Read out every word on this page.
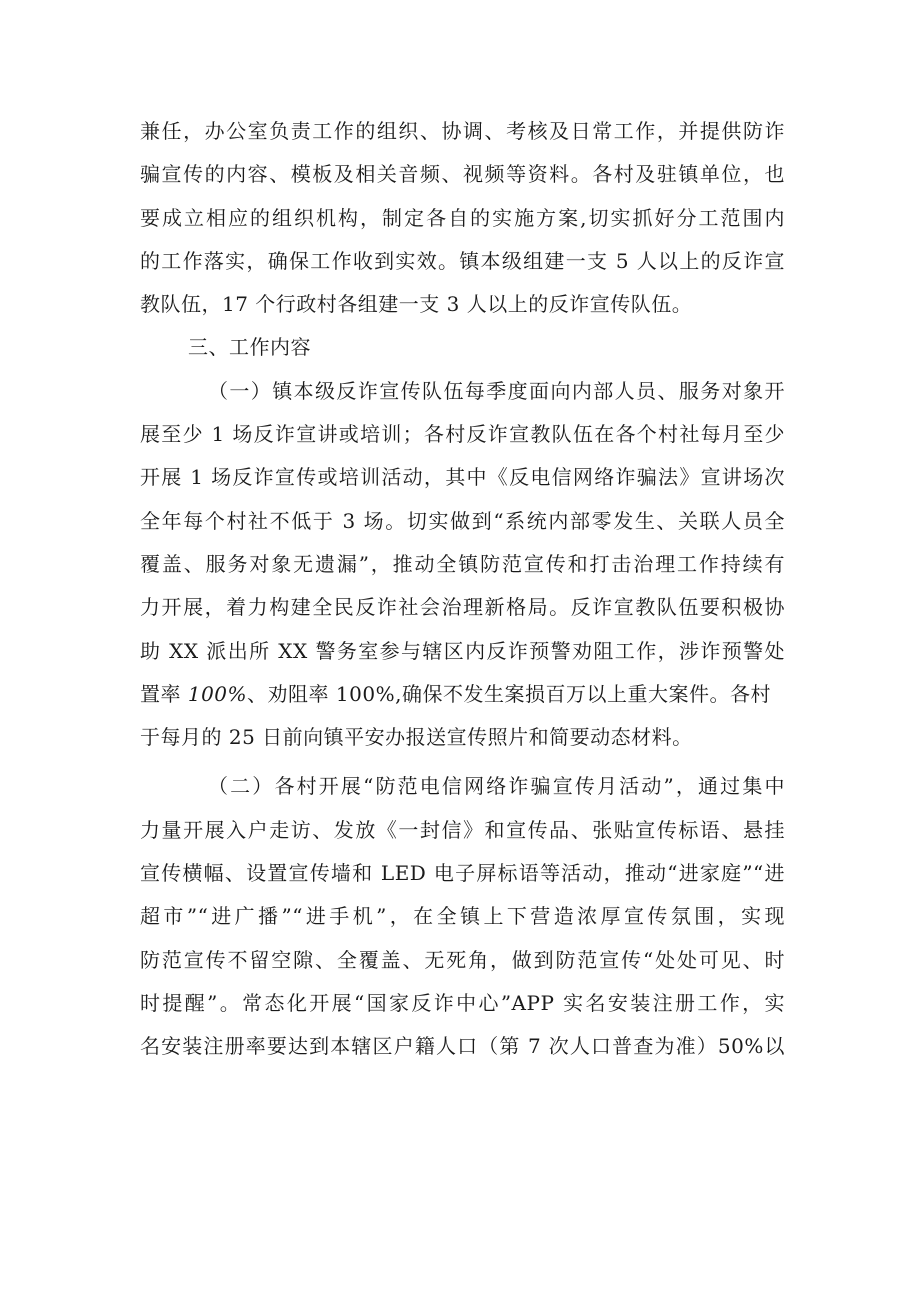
兼任，办公室负责工作的组织、协调、考核及日常工作，并提供防诈
骗宣传的内容、模板及相关音频、视频等资料。各村及驻镇单位，也
要成立相应的组织机构，制定各自的实施方案,切实抓好分工范围内
的工作落实，确保工作收到实效。镇本级组建一支 5 人以上的反诈宣
教队伍，17 个行政村各组建一支 3 人以上的反诈宣传队伍。
三、工作内容
（一）镇本级反诈宣传队伍每季度面向内部人员、服务对象开
展至少 1 场反诈宣讲或培训；各村反诈宣教队伍在各个村社每月至少
开展 1 场反诈宣传或培训活动，其中《反电信网络诈骗法》宣讲场次
全年每个村社不低于 3 场。切实做到“系统内部零发生、关联人员全
覆盖、服务对象无遗漏”，推动全镇防范宣传和打击治理工作持续有
力开展，着力构建全民反诈社会治理新格局。反诈宣教队伍要积极协
助 XX 派出所 XX 警务室参与辖区内反诈预警劝阻工作，涉诈预警处
置率 100%、劝阻率 100%,确保不发生案损百万以上重大案件。各村
于每月的 25 日前向镇平安办报送宣传照片和简要动态材料。
（二）各村开展“防范电信网络诈骗宣传月活动”，通过集中
力量开展入户走访、发放《一封信》和宣传品、张贴宣传标语、悬挂
宣传横幅、设置宣传墙和 LED 电子屏标语等活动，推动“进家庭”“进
超市”“进广播”“进手机”，在全镇上下营造浓厚宣传氛围，实现
防范宣传不留空隙、全覆盖、无死角，做到防范宣传“处处可见、时
时提醒”。常态化开展“国家反诈中心”APP 实名安装注册工作，实
名安装注册率要达到本辖区户籍人口（第 7 次人口普查为准）50%以
